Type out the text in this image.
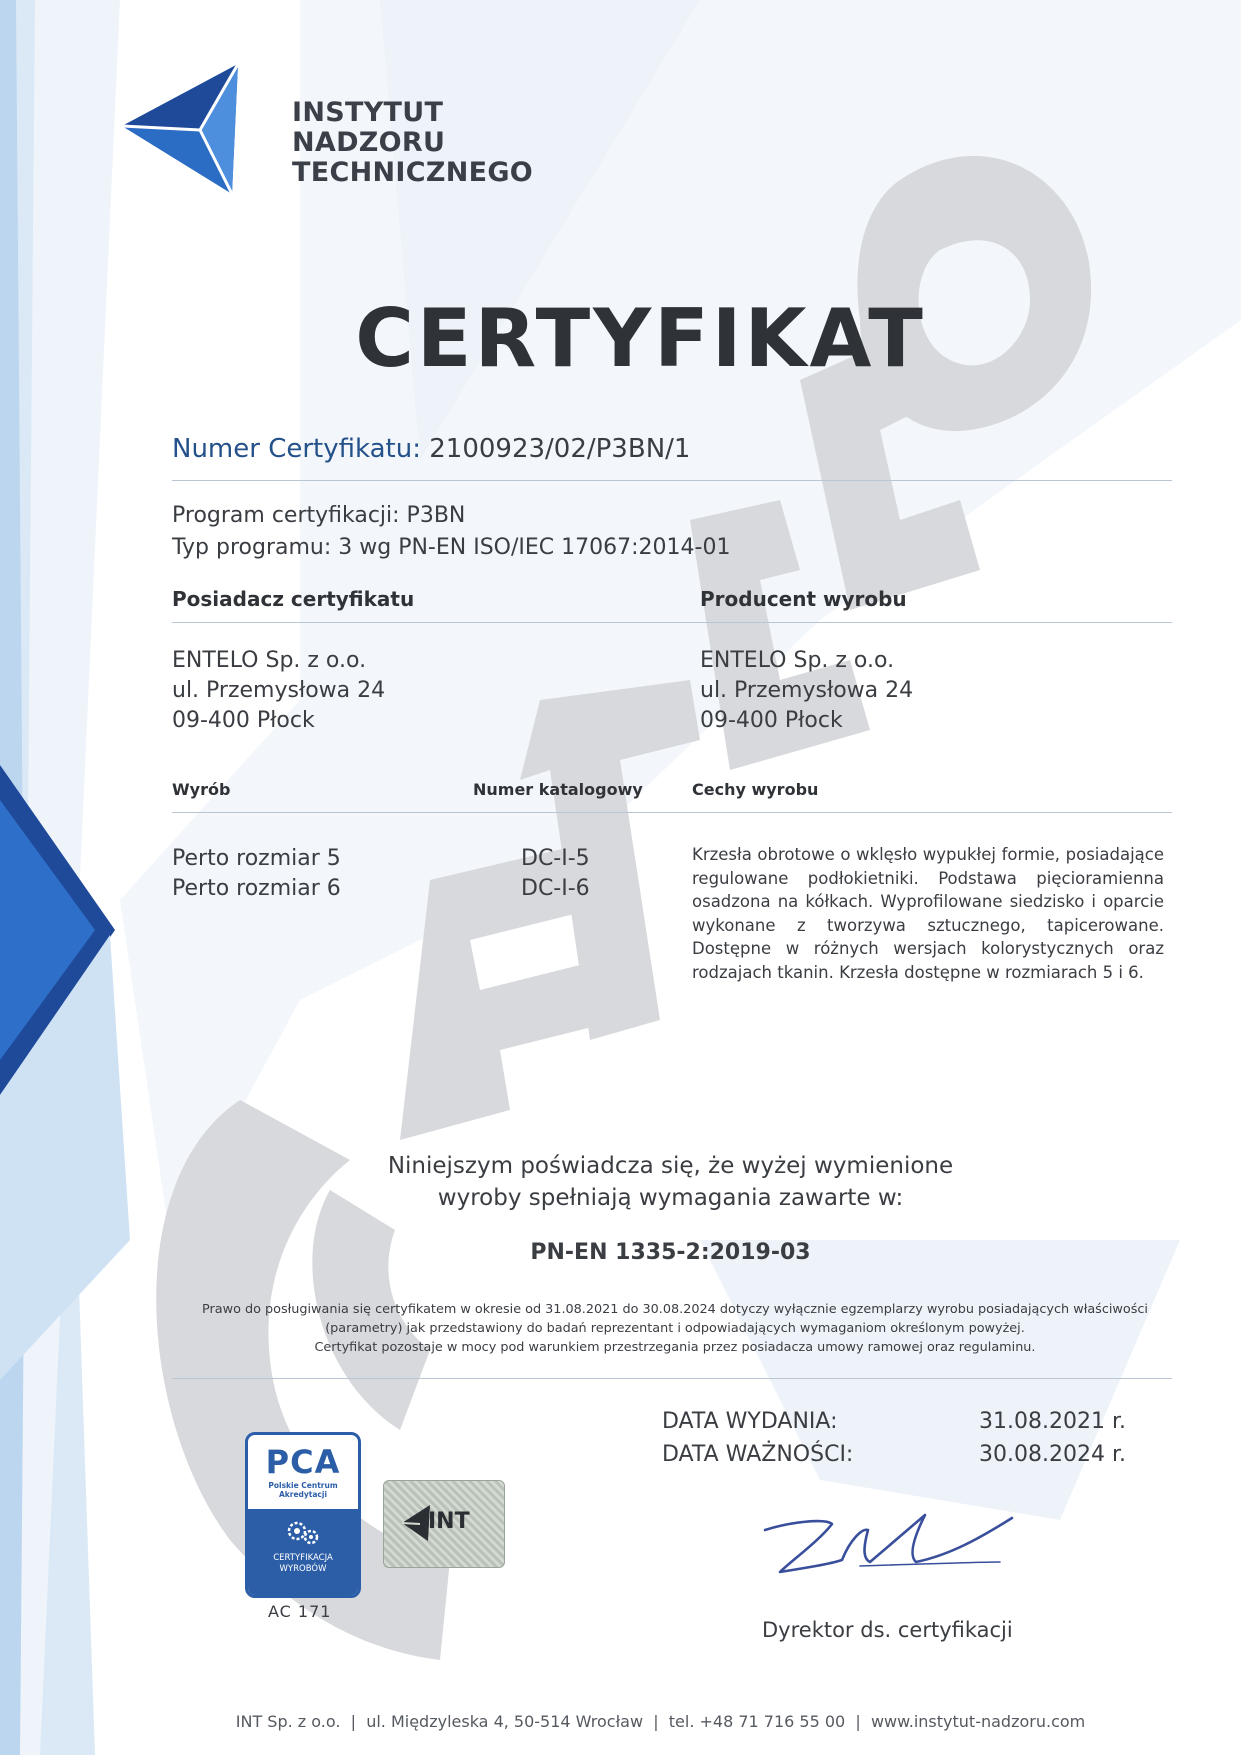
INSTYTUT
NADZORU
TECHNICZNEGO
CERTYFIKAT
Numer Certyfikatu: 2100923/02/P3BN/1
Program certyfikacji: P3BN
Typ programu: 3 wg PN-EN ISO/IEC 17067:2014-01
Posiadacz certyfikatu	Producent wyrobu
ENTELO Sp. z o.o.
ul. Przemysłowa 24
09-400 Płock
ENTELO Sp. z o.o.
ul. Przemysłowa 24
09-400 Płock
Wyrób	Numer katalogowy	Cechy wyrobu
Perto rozmiar 5	DC-I-5
Perto rozmiar 6	DC-I-6
Krzesła obrotowe o wklęsło wypukłej formie, posiadające regulowane podłokietniki. Podstawa pięcioramienna osadzona na kółkach. Wyprofilowane siedzisko i oparcie wykonane z tworzywa sztucznego, tapicerowane. Dostępne w różnych wersjach kolorystycznych oraz rodzajach tkanin. Krzesła dostępne w rozmiarach 5 i 6.
Niniejszym poświadcza się, że wyżej wymienione
wyroby spełniają wymagania zawarte w:
PN-EN 1335-2:2019-03
Prawo do posługiwania się certyfikatem w okresie od 31.08.2021 do 30.08.2024 dotyczy wyłącznie egzemplarzy wyrobu posiadających właściwości
(parametry) jak przedstawiony do badań reprezentant i odpowiadających wymaganiom określonym powyżej.
Certyfikat pozostaje w mocy pod warunkiem przestrzegania przez posiadacza umowy ramowej oraz regulaminu.
DATA WYDANIA:	31.08.2021 r.
DATA WAŻNOŚCI:	30.08.2024 r.
PCA
Polskie Centrum
Akredytacji
CERTYFIKACJA
WYROBÓW
AC 171
INT
Dyrektor ds. certyfikacji
INT Sp. z o.o. | ul. Międzyleska 4, 50-514 Wrocław | tel. +48 71 716 55 00 | www.instytut-nadzoru.com
